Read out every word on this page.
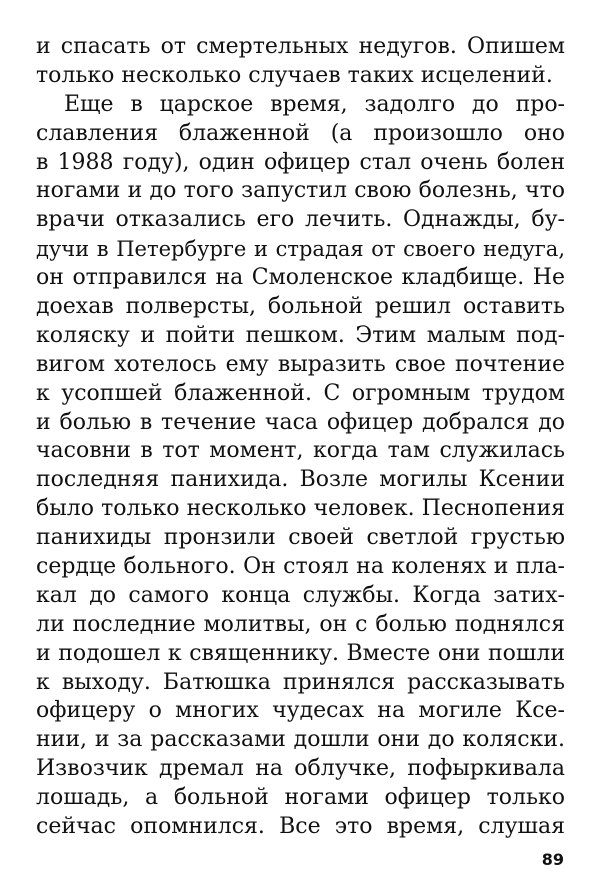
и спасать от смертельных недугов. Опишем
только несколько случаев таких исцелений.
Еще в царское время, задолго до про-
славления блаженной (а произошло оно
в 1988 году), один офицер стал очень болен
ногами и до того запустил свою болезнь, что
врачи отказались его лечить. Однажды, бу-
дучи в Петербурге и страдая от своего недуга,
он отправился на Смоленское кладбище. Не
доехав полверсты, больной решил оставить
коляску и пойти пешком. Этим малым под-
вигом хотелось ему выразить свое почтение
к усопшей блаженной. С огромным трудом
и болью в течение часа офицер добрался до
часовни в тот момент, когда там служилась
последняя панихида. Возле могилы Ксении
было только несколько человек. Песнопения
панихиды пронзили своей светлой грустью
сердце больного. Он стоял на коленях и пла-
кал до самого конца службы. Когда затих-
ли последние молитвы, он с болью поднялся
и подошел к священнику. Вместе они пошли
к выходу. Батюшка принялся рассказывать
офицеру о многих чудесах на могиле Ксе-
нии, и за рассказами дошли они до коляски.
Извозчик дремал на облучке, пофыркивала
лошадь, а больной ногами офицер только
сейчас опомнился. Все это время, слушая
89
